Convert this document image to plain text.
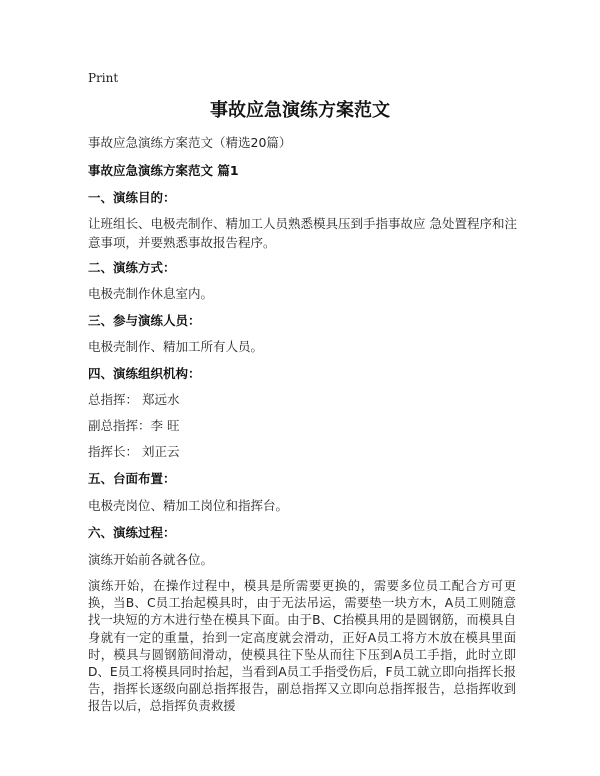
Print
事故应急演练方案范文
事故应急演练方案范文（精选20篇）
事故应急演练方案范文 篇1
一、演练目的：
让班组长、电极壳制作、精加工人员熟悉模具压到手指事故应 急处置程序和注意事项，并要熟悉事故报告程序。
二、演练方式：
电极壳制作休息室内。
三、参与演练人员：
电极壳制作、精加工所有人员。
四、演练组织机构：
总指挥： 郑远水
副总指挥：李 旺
指挥长： 刘正云
五、台面布置：
电极壳岗位、精加工岗位和指挥台。
六、演练过程：
演练开始前各就各位。
演练开始，在操作过程中，模具是所需要更换的，需要多位员工配合方可更换，当B、C员工抬起模具时，由于无法吊运，需要垫一块方木，A员工则随意找一块短的方木进行垫在模具下面。由于B、C抬模具用的是圆钢筋，而模具自身就有一定的重量，抬到一定高度就会滑动，正好A员工将方木放在模具里面时，模具与圆钢筋间滑动，使模具往下坠从而往下压到A员工手指，此时立即D、E员工将模具同时抬起，当看到A员工手指受伤后，F员工就立即向指挥长报告，指挥长逐级向副总指挥报告，副总指挥又立即向总指挥报告，总指挥收到报告以后，总指挥负责救援
